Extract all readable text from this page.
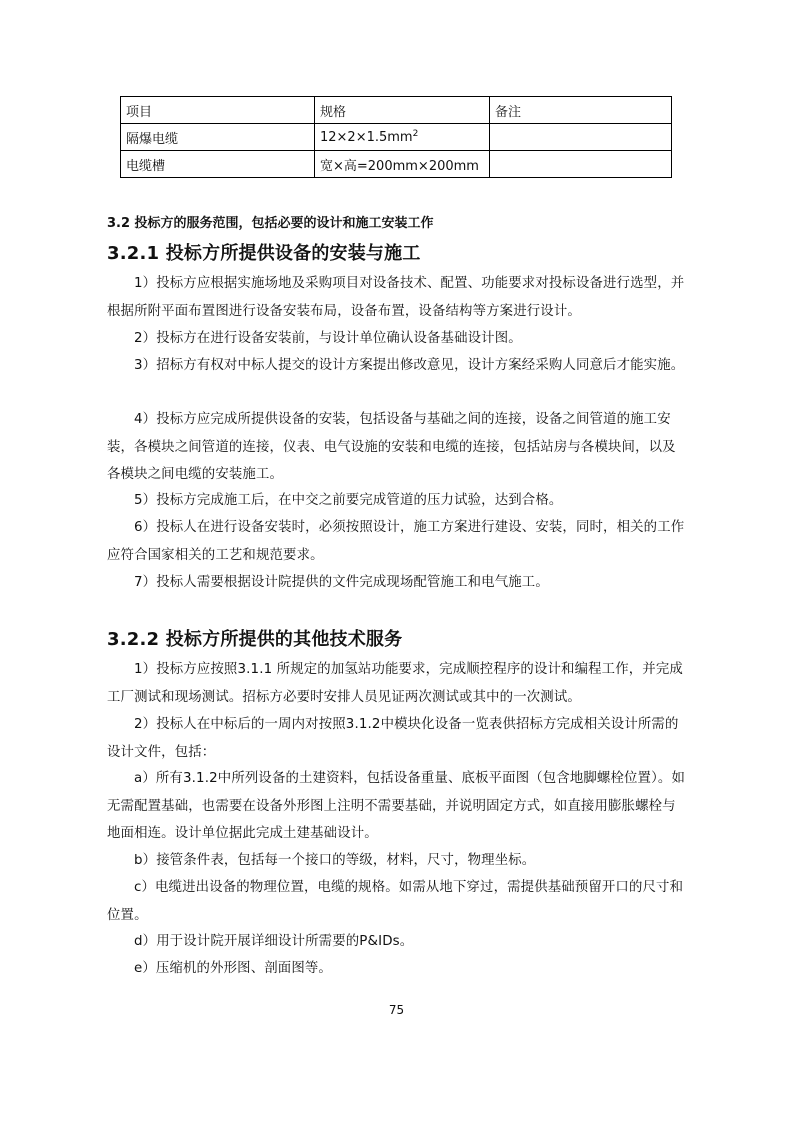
项目	规格	备注
隔爆电缆	$12\times 2\times 1.5mm^2$	
电缆槽	宽×高=200mm×200mm	
3.2 投标方的服务范围，包括必要的设计和施工安装工作
3.2.1 投标方所提供设备的安装与施工

1）投标方应根据实施场地及采购项目对设备技术、配置、功能要求对投标设备进行选型，并根据所附平面布置图进行设备安装布局，设备布置，设备结构等方案进行设计。

2）投标方在进行设备安装前，与设计单位确认设备基础设计图。

3）招标方有权对中标人提交的设计方案提出修改意见，设计方案经采购人同意后才能实施。

4）投标方应完成所提供设备的安装，包括设备与基础之间的连接，设备之间管道的施工安装，各模块之间管道的连接，仪表、电气设施的安装和电缆的连接，包括站房与各模块间，以及各模块之间电缆的安装施工。

5）投标方完成施工后，在中交之前要完成管道的压力试验，达到合格。

6）投标人在进行设备安装时，必须按照设计，施工方案进行建设、安装，同时，相关的工作应符合国家相关的工艺和规范要求。

7）投标人需要根据设计院提供的文件完成现场配管施工和电气施工。

3.2.2 投标方所提供的其他技术服务

1）投标方应按照3.1.1 所规定的加氢站功能要求，完成顺控程序的设计和编程工作，并完成工厂测试和现场测试。招标方必要时安排人员见证两次测试或其中的一次测试。

2）投标人在中标后的一周内对按照3.1.2中模块化设备一览表供招标方完成相关设计所需的设计文件，包括：

a）所有3.1.2中所列设备的土建资料，包括设备重量、底板平面图（包含地脚螺栓位置）。如无需配置基础，也需要在设备外形图上注明不需要基础，并说明固定方式，如直接用膨胀螺栓与地面相连。设计单位据此完成土建基础设计。

b）接管条件表，包括每一个接口的等级，材料，尺寸，物理坐标。

c）电缆进出设备的物理位置，电缆的规格。如需从地下穿过，需提供基础预留开口的尺寸和位置。

d）用于设计院开展详细设计所需要的P&IDs。

e）压缩机的外形图、剖面图等。

75
